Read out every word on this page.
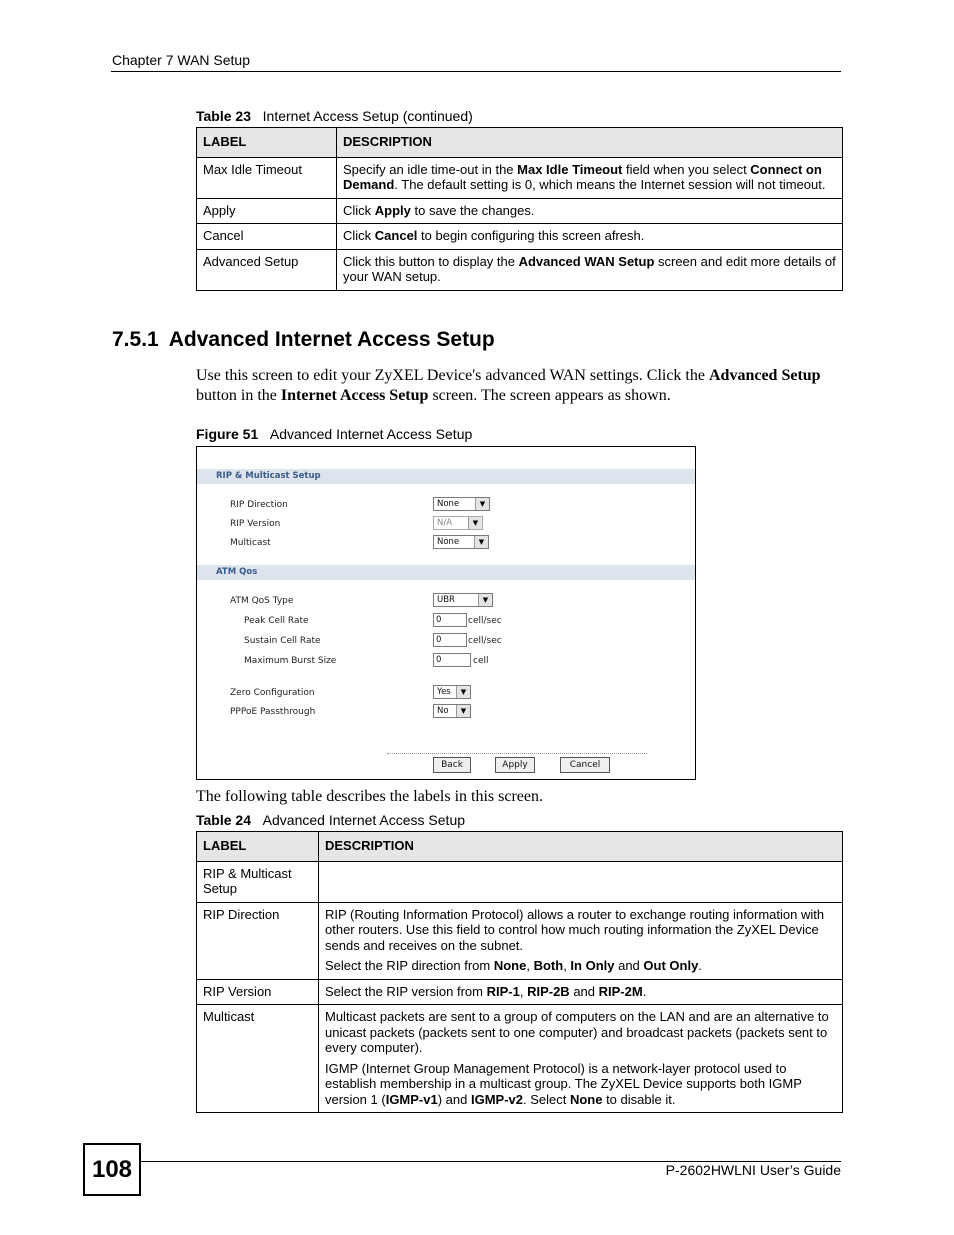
Chapter 7 WAN Setup
Table 23 Internet Access Setup (continued)
LABEL	DESCRIPTION
Max Idle Timeout	Specify an idle time-out in the Max Idle Timeout field when you select Connect on Demand. The default setting is 0, which means the Internet session will not timeout.
Apply	Click Apply to save the changes.
Cancel	Click Cancel to begin configuring this screen afresh.
Advanced Setup	Click this button to display the Advanced WAN Setup screen and edit more details of your WAN setup.
7.5.1 Advanced Internet Access Setup
Use this screen to edit your ZyXEL Device's advanced WAN settings. Click the Advanced Setup button in the Internet Access Setup screen. The screen appears as shown.
Figure 51 Advanced Internet Access Setup
RIP & Multicast Setup
RIP Direction	None	▼
RIP Version	N/A	▼
Multicast	None	▼
ATM Qos
ATM QoS Type	UBR	▼
Peak Cell Rate	0	cell/sec
Sustain Cell Rate	0	cell/sec
Maximum Burst Size	0	cell
Zero Configuration	Yes	▼
PPPoE Passthrough	No	▼
Back	Apply	Cancel
The following table describes the labels in this screen.
Table 24 Advanced Internet Access Setup
LABEL	DESCRIPTION
RIP & Multicast Setup	
RIP Direction	RIP (Routing Information Protocol) allows a router to exchange routing information with other routers. Use this field to control how much routing information the ZyXEL Device sends and receives on the subnet.

Select the RIP direction from None, Both, In Only and Out Only.

RIP Version	Select the RIP version from RIP-1, RIP-2B and RIP-2M.
Multicast	Multicast packets are sent to a group of computers on the LAN and are an alternative to unicast packets (packets sent to one computer) and broadcast packets (packets sent to every computer).

IGMP (Internet Group Management Protocol) is a network-layer protocol used to establish membership in a multicast group. The ZyXEL Device supports both IGMP version 1 (IGMP-v1) and IGMP-v2. Select None to disable it.

108	P-2602HWLNI User’s Guide
